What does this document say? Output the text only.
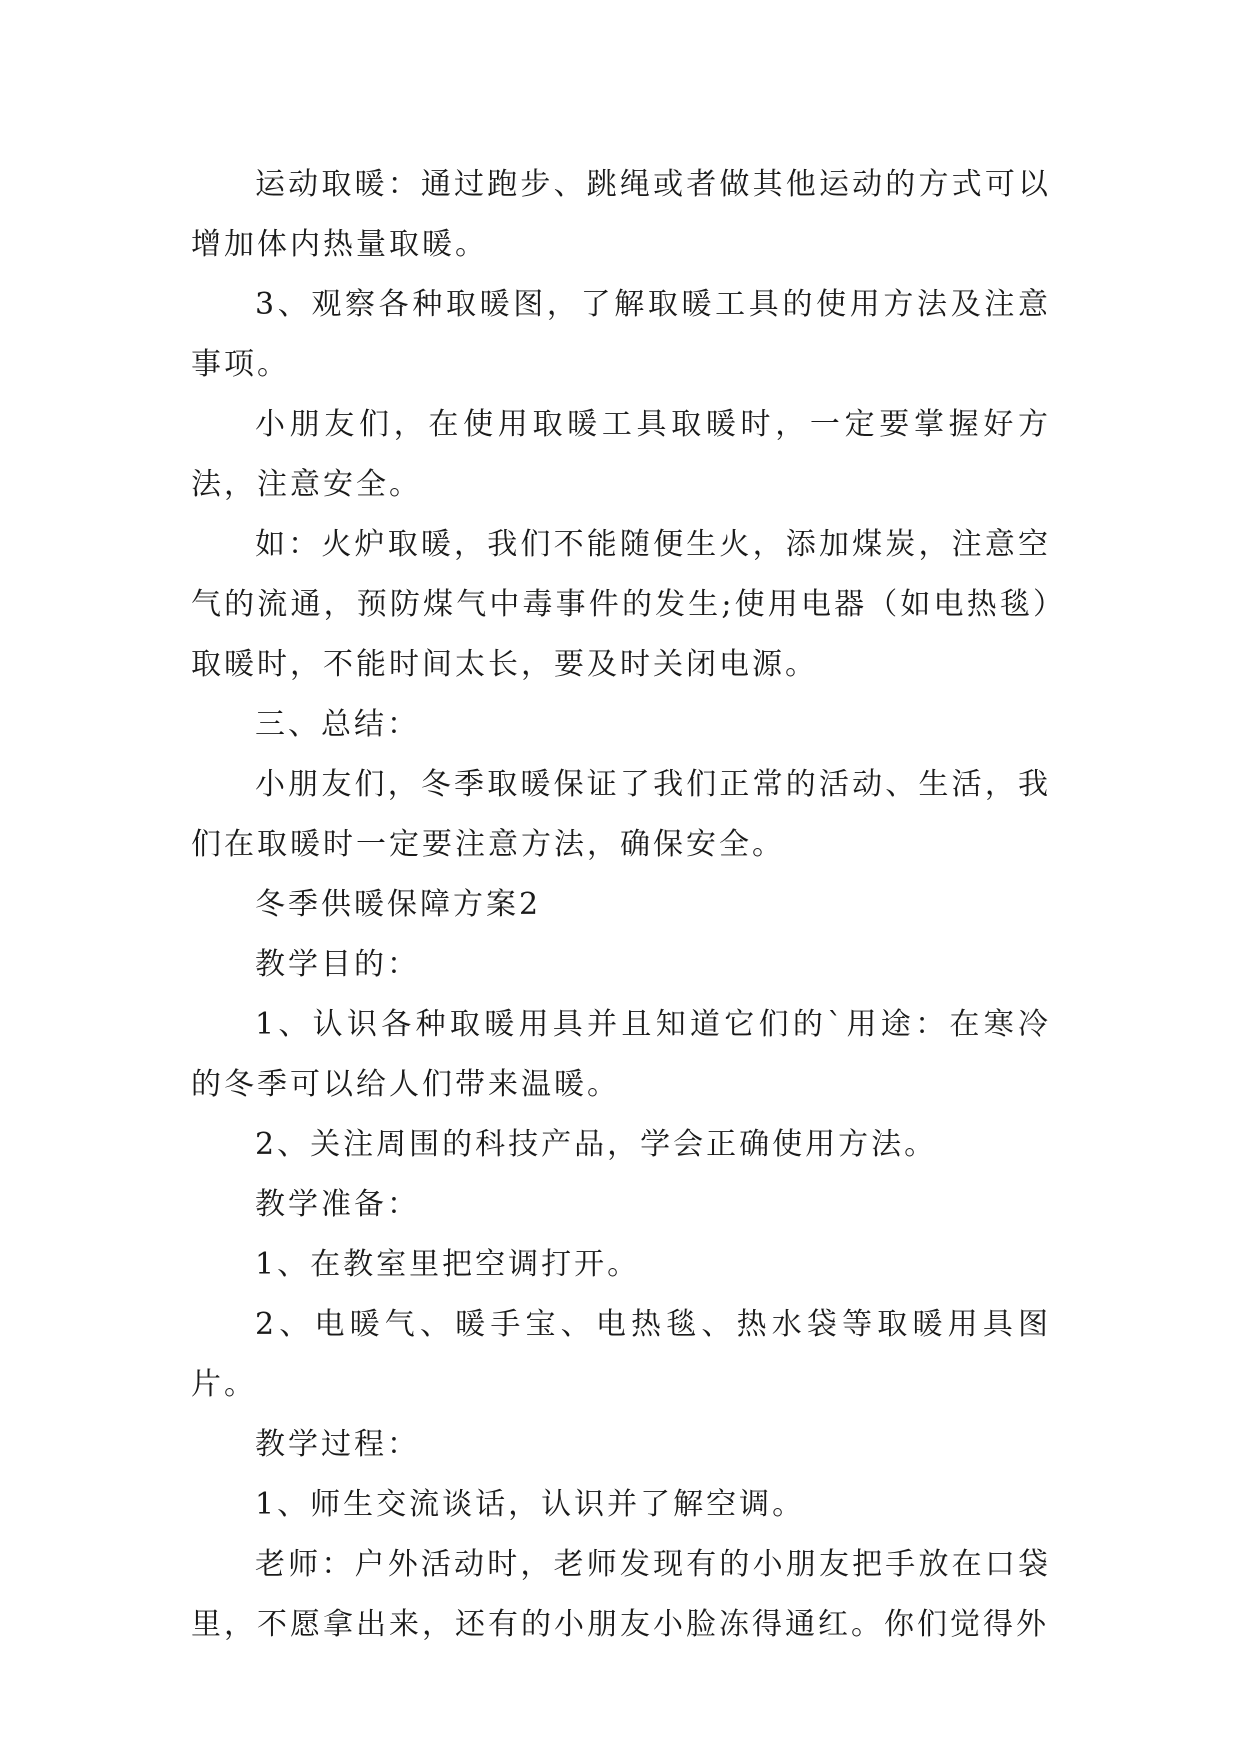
运动取暖：通过跑步、跳绳或者做其他运动的方式可以增加体内热量取暖。

3、观察各种取暖图，了解取暖工具的使用方法及注意事项。

小朋友们，在使用取暖工具取暖时，一定要掌握好方法，注意安全。

如：火炉取暖，我们不能随便生火，添加煤炭，注意空气的流通，预防煤气中毒事件的发生;使用电器（如电热毯）取暖时，不能时间太长，要及时关闭电源。

三、总结：

小朋友们，冬季取暖保证了我们正常的活动、生活，我们在取暖时一定要注意方法，确保安全。

冬季供暖保障方案2

教学目的：

1、认识各种取暖用具并且知道它们的`用途：在寒冷的冬季可以给人们带来温暖。

2、关注周围的科技产品，学会正确使用方法。

教学准备：

1、在教室里把空调打开。

2、电暖气、暖手宝、电热毯、热水袋等取暖用具图片。

教学过程：

1、师生交流谈话，认识并了解空调。

老师：户外活动时，老师发现有的小朋友把手放在口袋里，不愿拿出来，还有的小朋友小脸冻得通红。你们觉得外
